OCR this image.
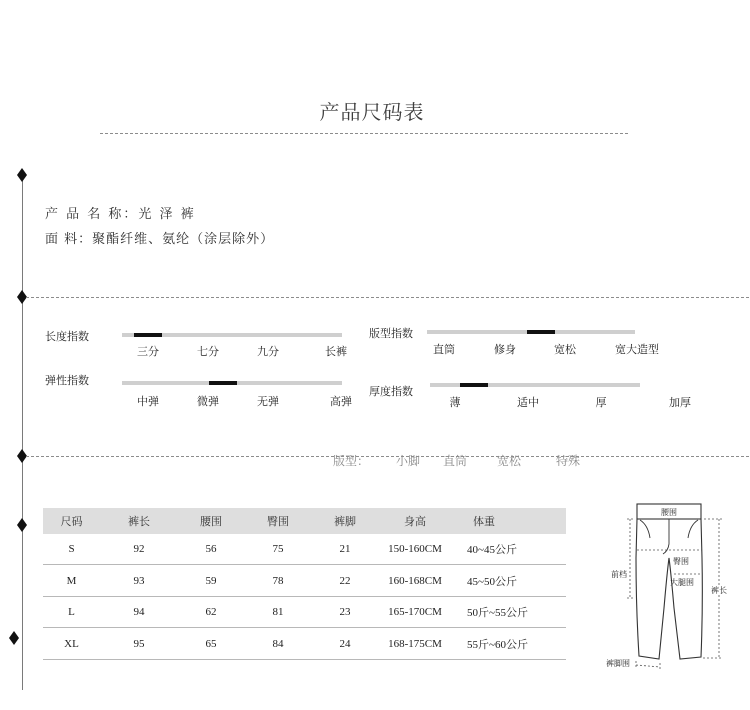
产品尺码表
产 品 名 称：光 泽 裤
面 料：聚酯纤维、氨纶（涂层除外）
长度指数
三分	七分	九分	长裤
版型指数
直筒	修身	宽松	宽大造型
弹性指数
中弹	微弹	无弹	高弹
厚度指数
薄	适中	厚	加厚
版型： 小脚 直筒 宽松	特殊
尺码	裤长	腰围	臀围	裤脚	身高	体重
S	92	56	75	21	150-160CM	40~45公斤
M	93	59	78	22	160-168CM	45~50公斤
L	94	62	81	23	165-170CM	50斤~55公斤
XL	95	65	84	24	168-175CM	55斤~60公斤
腰围
臀围
前档
大腿围
裤长
裤脚围
